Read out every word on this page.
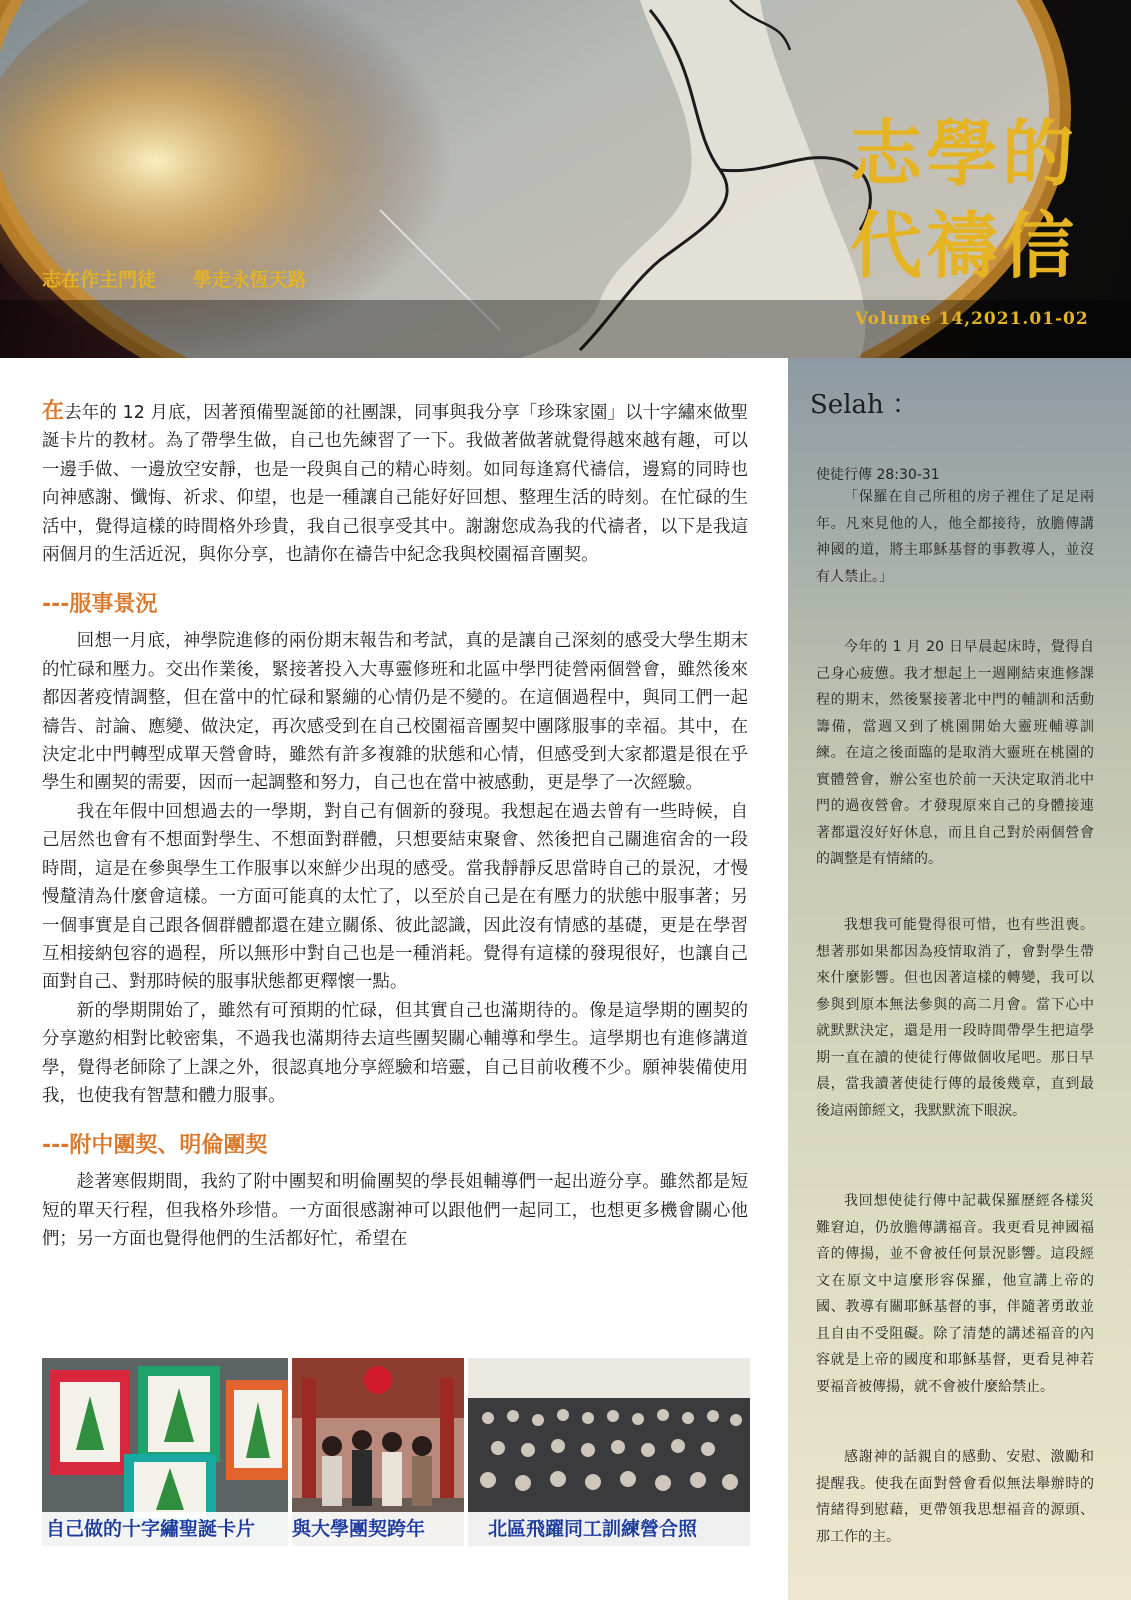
志在作主門徒 學走永恆天路
志學的
代禱信
Volume 14,2021.01-02

在去年的 12 月底，因著預備聖誕節的社團課，同事與我分享「珍珠家園」以十字繡來做聖誕卡片的教材。為了帶學生做，自己也先練習了一下。我做著做著就覺得越來越有趣，可以一邊手做、一邊放空安靜，也是一段與自己的精心時刻。如同每逢寫代禱信，邊寫的同時也向神感謝、懺悔、祈求、仰望，也是一種讓自己能好好回想、整理生活的時刻。在忙碌的生活中，覺得這樣的時間格外珍貴，我自己很享受其中。謝謝您成為我的代禱者，以下是我這兩個月的生活近況，與你分享，也請你在禱告中紀念我與校園福音團契。

---服事景況

回想一月底，神學院進修的兩份期末報告和考試，真的是讓自己深刻的感受大學生期末的忙碌和壓力。交出作業後，緊接著投入大專靈修班和北區中學門徒營兩個營會，雖然後來都因著疫情調整，但在當中的忙碌和緊繃的心情仍是不變的。在這個過程中，與同工們一起禱告、討論、應變、做決定，再次感受到在自己校園福音團契中團隊服事的幸福。其中，在決定北中門轉型成單天營會時，雖然有許多複雜的狀態和心情，但感受到大家都還是很在乎學生和團契的需要，因而一起調整和努力，自己也在當中被感動，更是學了一次經驗。

我在年假中回想過去的一學期，對自己有個新的發現。我想起在過去曾有一些時候，自己居然也會有不想面對學生、不想面對群體，只想要結束聚會、然後把自己關進宿舍的一段時間，這是在參與學生工作服事以來鮮少出現的感受。當我靜靜反思當時自己的景況，才慢慢釐清為什麼會這樣。一方面可能真的太忙了，以至於自己是在有壓力的狀態中服事著；另一個事實是自己跟各個群體都還在建立關係、彼此認識，因此沒有情感的基礎，更是在學習互相接納包容的過程，所以無形中對自己也是一種消耗。覺得有這樣的發現很好，也讓自己面對自己、對那時候的服事狀態都更釋懷一點。

新的學期開始了，雖然有可預期的忙碌，但其實自己也滿期待的。像是這學期的團契的分享邀約相對比較密集，不過我也滿期待去這些團契關心輔導和學生。這學期也有進修講道學，覺得老師除了上課之外，很認真地分享經驗和培靈，自己目前收穫不少。願神裝備使用我，也使我有智慧和體力服事。

---附中團契、明倫團契

趁著寒假期間，我約了附中團契和明倫團契的學長姐輔導們一起出遊分享。雖然都是短短的單天行程，但我格外珍惜。一方面很感謝神可以跟他們一起同工，也想更多機會關心他們；另一方面也覺得他們的生活都好忙，希望在

自己做的十字繡聖誕卡片	與大學團契跨年	北區飛躍同工訓練營合照
Selah ：
使徒行傳 28:30-31

「保羅在自己所租的房子裡住了足足兩年。凡來見他的人，他全都接待，放膽傳講　神國的道，將主耶穌基督的事教導人，並沒有人禁止。」

今年的 1 月 20 日早晨起床時，覺得自己身心疲憊。我才想起上一週剛結束進修課程的期末，然後緊接著北中門的輔訓和活動籌備，當週又到了桃園開始大靈班輔導訓練。在這之後面臨的是取消大靈班在桃園的實體營會，辦公室也於前一天決定取消北中門的過夜營會。才發現原來自己的身體接連著都還沒好好休息，而且自己對於兩個營會的調整是有情緒的。

我想我可能覺得很可惜，也有些沮喪。想著那如果都因為疫情取消了，會對學生帶來什麼影響。但也因著這樣的轉變，我可以參與到原本無法參與的高二月會。當下心中就默默決定，還是用一段時間帶學生把這學期一直在讀的使徒行傳做個收尾吧。那日早晨，當我讀著使徒行傳的最後幾章，直到最後這兩節經文，我默默流下眼淚。

我回想使徒行傳中記載保羅歷經各樣災難窘迫，仍放膽傳講福音。我更看見神國福音的傳揚，並不會被任何景況影響。這段經文在原文中這麼形容保羅，他宣講上帝的國、教導有關耶穌基督的事，伴隨著勇敢並且自由不受阻礙。除了清楚的講述福音的內容就是上帝的國度和耶穌基督，更看見神若要福音被傳揚，就不會被什麼給禁止。

感謝神的話親自的感動、安慰、激勵和提醒我。使我在面對營會看似無法舉辦時的情緒得到慰藉，更帶領我思想福音的源頭、那工作的主。
